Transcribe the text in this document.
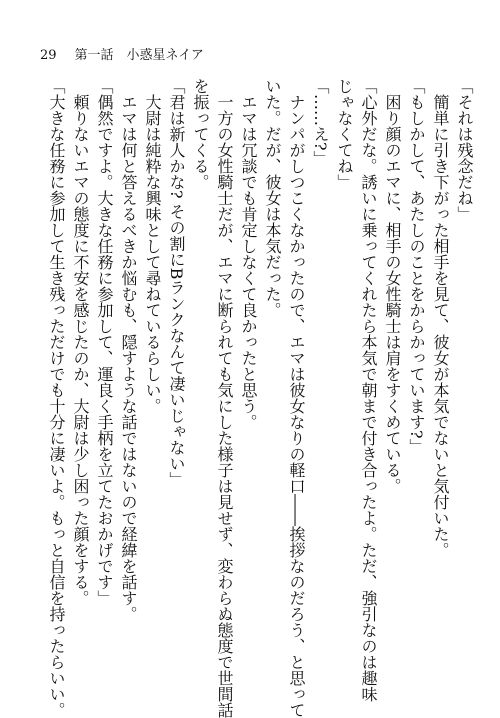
29 第一話　小惑星ネイア
「それは残念だね」
　簡単に引き下がった相手を見て、彼女が本気でないと気付いた。
「もしかして、あたしのことをからかっています?」
　困り顔のエマに、相手の女性騎士は肩をすくめている。
「心外だな。誘いに乗ってくれたら本気で朝まで付き合ったよ。ただ、強引なのは趣味
じゃなくてね」
「……え?」
　ナンパがしつこくなかったので、エマは彼女なりの軽口――挨拶なのだろう、と思って
いた。だが、彼女は本気だった。
　エマは冗談でも肯定しなくて良かったと思う。
　一方の女性騎士だが、エマに断られても気にした様子は見せず、変わらぬ態度で世間話
を振ってくる。
「君は新人かな? その割にBランクなんて凄いじゃない」
　大尉は純粋な興味として尋ねているらしい。
　エマは何と答えるべきか悩むも、隠すような話ではないので経緯を話す。
「偶然ですよ。大きな任務に参加して、運良く手柄を立てたおかげです」
　頼りないエマの態度に不安を感じたのか、大尉は少し困った顔をする。
「大きな任務に参加して生き残っただけでも十分に凄いよ。もっと自信を持ったらいい。
